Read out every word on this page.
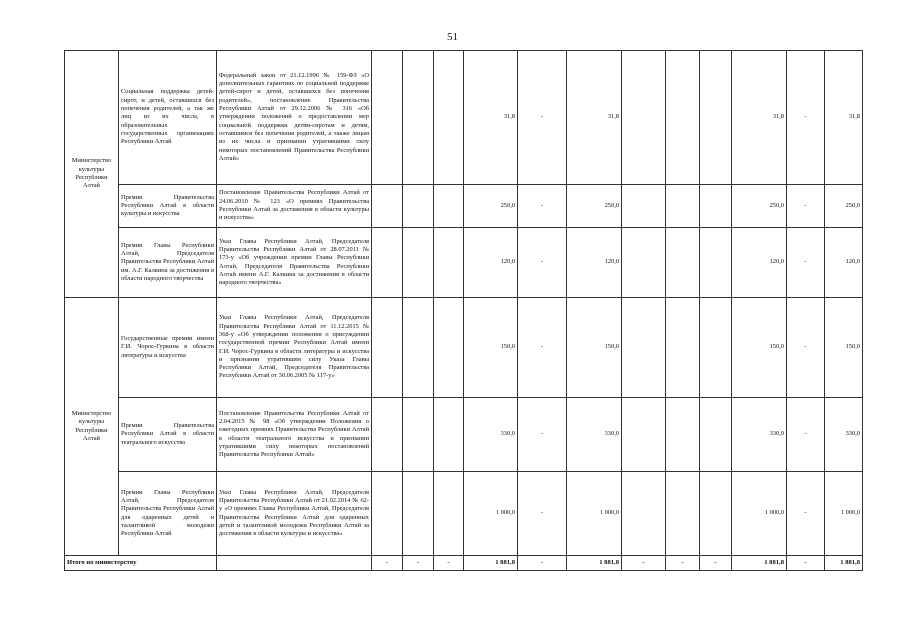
51
Министерство культуры Республики Алтай	Социальная поддержка детей-сирот, и детей, оставшихся без попечения родителей, а так же лиц из их числа, в образовательных государственных организациях Республики Алтай	Федеральный закон от 21.12.1996 № 159-ФЗ «О дополнительных гарантиях по социальной поддержке детей-сирот и детей, оставшихся без попечения родителей», постановление Правительства Республики Алтай от 29.12.2006 № 316 «Об утверждении положений о предоставлении мер социальной поддержки детям-сиротам и детям, оставшимся без попечения родителей, а также лицам из их числа и признании утратившими силу некоторых постановлений Правительства Республики Алтай»				31,8	-	31,8				31,8	-	31,8
	Премии Правительства Республики Алтай в области культуры и искусства	Постановление Правительства Республики Алтай от 24.06.2010 № 123 «О премиях Правительства Республики Алтай за достижения в области культуры и искусства»				250,0	-	250,0				250,0	-	250,0
	Премии Главы Республики Алтай, Председателя Правительства Республики Алтай им. А.Г. Калкина за достижения в области народного творчества	Указ Главы Республики Алтай, Председателя Правительства Республики Алтай от 28.07.2011 № 173-у «Об учреждении премии Главы Республики Алтай, Председателя Правительства Республики Алтай имени А.Г. Калкина за достижения в области народного творчества»				120,0	-	120,0				120,0	-	120,0
Министерство культуры Республики Алтай	Государственные премии имени Г.И. Чорос-Гуркина в области литературы и искусства	Указ Главы Республики Алтай, Председателя Правительства Республики Алтай от 11.12.2015 № 368-у «Об утверждении положения о присуждении государственной премии Республики Алтай имени Г.И. Чорос-Гуркина в области литературы и искусства и признании утратившим силу Указа Главы Республики Алтай, Председателя Правительства Республики Алтай от 30.06.2005 № 117-у»				150,0	-	150,0				150,0	-	150,0
	Премии Правительства Республики Алтай в области театрального искусства	Постановление Правительства Республики Алтай от 2.04.2015 № 98 «Об утверждении Положения о ежегодных премиях Правительства Республики Алтай в области театрального искусства и признании утратившими силу некоторых постановлений Правительства Республики Алтай»				330,0	-	330,0				330,0	-	330,0
	Премии Главы Республики Алтай, Председателя Правительства Республики Алтай для одаренных детей и талантливой молодежи Республики Алтай	Указ Главы Республики Алтай, Председателя Правительства Республики Алтай от 21.02.2014 № 62-у «О премиях Главы Республики Алтай, Председателя Правительства Республики Алтай для одаренных детей и талантливой молодежи Республики Алтай за достижения в области культуры и искусства»				1 000,0	-	1 000,0				1 000,0	-	1 000,0
Итого по министерству			-	-	-	1 881,8	-	1 881,8	-	-	-	1 881,8	-	1 881,8
